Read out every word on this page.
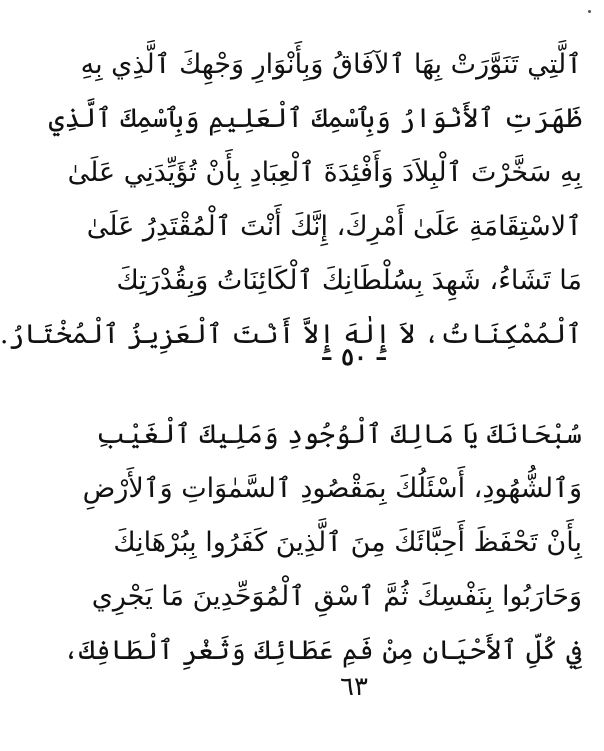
ٱلَّتِي تَنَوَّرَتْ بِهَا ٱلآفَاقُ وَبِأَنْوَارِ وَجْهِكَ ٱلَّذِي بِهِ
ظَهَرَتِ ٱلأَنْوَارُ وَبِٱسْمِكَ ٱلْعَلِيمِ وَبِٱسْمِكَ ٱلَّذِي
بِهِ سَخَّرْتَ ٱلْبِلاَدَ وَأَفْئِدَةَ ٱلْعِبَادِ بِأَنْ تُؤَيِّدَنِي عَلَىٰ
ٱلاسْتِقَامَةِ عَلَىٰ أَمْرِكَ، إِنَّكَ أَنْتَ ٱلْمُقْتَدِرُ عَلَىٰ
مَا تَشَاءُ، شَهِدَ بِسُلْطَانِكَ ٱلْكَائِنَاتُ وَبِقُدْرَتِكَ
ٱلْمُمْكِنَاتُ، لاَ إِلٰهَ إِلاَّ أَنْتَ ٱلْعَزِيزُ ٱلْمُخْتَارُ.
– ٥٠ –
سُبْحَانَكَ يَا مَالِكَ ٱلْوُجُودِ وَمَلِيكَ ٱلْغَيْبِ
وَٱلشُّهُودِ، أَسْئَلُكَ بِمَقْصُودِ ٱلسَّمٰوَاتِ وَٱلأَرْضِ
بِأَنْ تَحْفَظَ أَحِبَّائَكَ مِنَ ٱلَّذِينَ كَفَرُوا بِبُرْهَانِكَ
وَحَارَبُوا بِنَفْسِكَ ثُمَّ ٱسْقِ ٱلْمُوَحِّدِينَ مَا يَجْرِي
فِي كُلِّ ٱلأَحْيَانِ مِنْ فَمِ عَطَائِكَ وَثَغْرِ ٱلْطَافِكَ،
٦٣
